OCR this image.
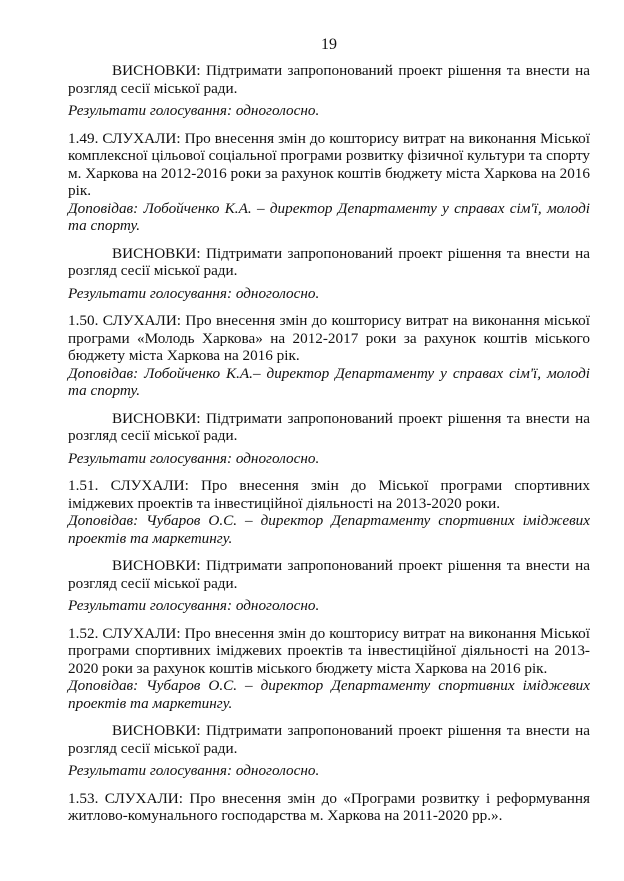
19

ВИСНОВКИ: Підтримати запропонований проект рішення та внести на розгляд сесії міської ради.

Результати голосування: одноголосно.

1.49. СЛУХАЛИ: Про внесення змін до кошторису витрат на виконання Міської комплексної цільової соціальної програми розвитку фізичної культури та спорту м. Харкова на 2012-2016 роки за рахунок коштів бюджету міста Харкова на 2016 рік.

Доповідав: Лобойченко К.А. – директор Департаменту у справах сім'ї, молоді та спорту.

ВИСНОВКИ: Підтримати запропонований проект рішення та внести на розгляд сесії міської ради.

Результати голосування: одноголосно.

1.50. СЛУХАЛИ: Про внесення змін до кошторису витрат на виконання міської програми «Молодь Харкова» на 2012-2017 роки за рахунок коштів міського бюджету міста Харкова на 2016 рік.

Доповідав: Лобойченко К.А.– директор Департаменту у справах сім'ї, молоді та спорту.

ВИСНОВКИ: Підтримати запропонований проект рішення та внести на розгляд сесії міської ради.

Результати голосування: одноголосно.

1.51. СЛУХАЛИ: Про внесення змін до Міської програми спортивних іміджевих проектів та інвестиційної діяльності на 2013-2020 роки.

Доповідав: Чубаров О.С. – директор Департаменту спортивних іміджевих проектів та маркетингу.

ВИСНОВКИ: Підтримати запропонований проект рішення та внести на розгляд сесії міської ради.

Результати голосування: одноголосно.

1.52. СЛУХАЛИ: Про внесення змін до кошторису витрат на виконання Міської програми спортивних іміджевих проектів та інвестиційної діяльності на 2013-2020 роки за рахунок коштів міського бюджету міста Харкова на 2016 рік.

Доповідав: Чубаров О.С. – директор Департаменту спортивних іміджевих проектів та маркетингу.

ВИСНОВКИ: Підтримати запропонований проект рішення та внести на розгляд сесії міської ради.

Результати голосування: одноголосно.

1.53. СЛУХАЛИ: Про внесення змін до «Програми розвитку і реформування житлово-комунального господарства м. Харкова на 2011-2020 рр.».
